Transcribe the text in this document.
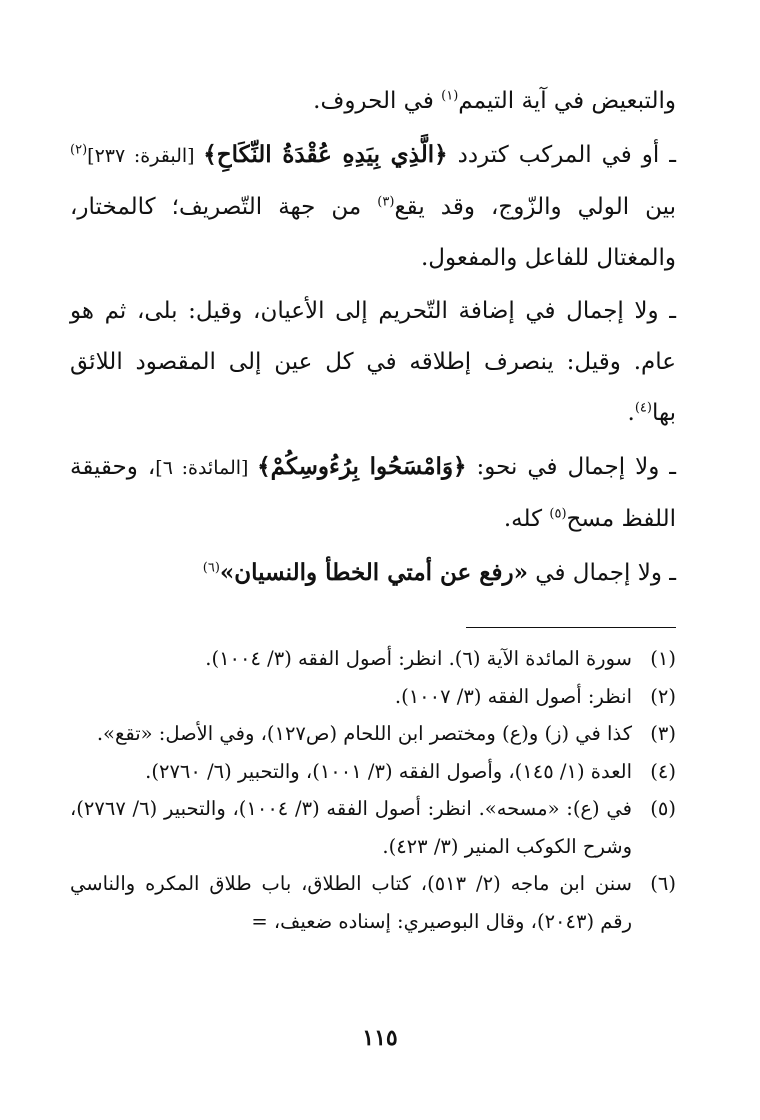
والتبعيض في آية التيمم$^{(١)}$ في الحروف.

ـ أو في المركب كتردد ﴿الَّذِي بِيَدِهِ عُقْدَةُ النِّكَاحِ﴾ [البقرة: ٢٣٧]$^{(٢)}$ بين الولي والزّوج، وقد يقع$^{(٣)}$ من جهة التّصريف؛ كالمختار، والمغتال للفاعل والمفعول.

ـ ولا إجمال في إضافة التّحريم إلى الأعيان، وقيل: بلى، ثم هو عام. وقيل: ينصرف إطلاقه في كل عين إلى المقصود اللائق بها$^{(٤)}$.

ـ ولا إجمال في نحو: ﴿وَامْسَحُوا بِرُءُوسِكُمْ﴾ [المائدة: ٦]، وحقيقة اللفظ مسح$^{(٥)}$ كله.

ـ ولا إجمال في «رفع عن أمتي الخطأ والنسيان»$^{(٦)}$

(١)
سورة المائدة الآية (٦). انظر: أصول الفقه (٣/ ١٠٠٤).
(٢)
انظر: أصول الفقه (٣/ ١٠٠٧).
(٣)
كذا في (ز) و(ع) ومختصر ابن اللحام (ص١٢٧)، وفي الأصل: «تقع».
(٤)
العدة (١/ ١٤٥)، وأصول الفقه (٣/ ١٠٠١)، والتحبير (٦/ ٢٧٦٠).
(٥)
في (ع): «مسحه». انظر: أصول الفقه (٣/ ١٠٠٤)، والتحبير (٦/ ٢٧٦٧)، وشرح الكوكب المنير (٣/ ٤٢٣).
(٦)
سنن ابن ماجه (٢/ ٥١٣)، كتاب الطلاق، باب طلاق المكره والناسي رقم (٢٠٤٣)، وقال البوصيري: إسناده ضعيف، =
١١٥
